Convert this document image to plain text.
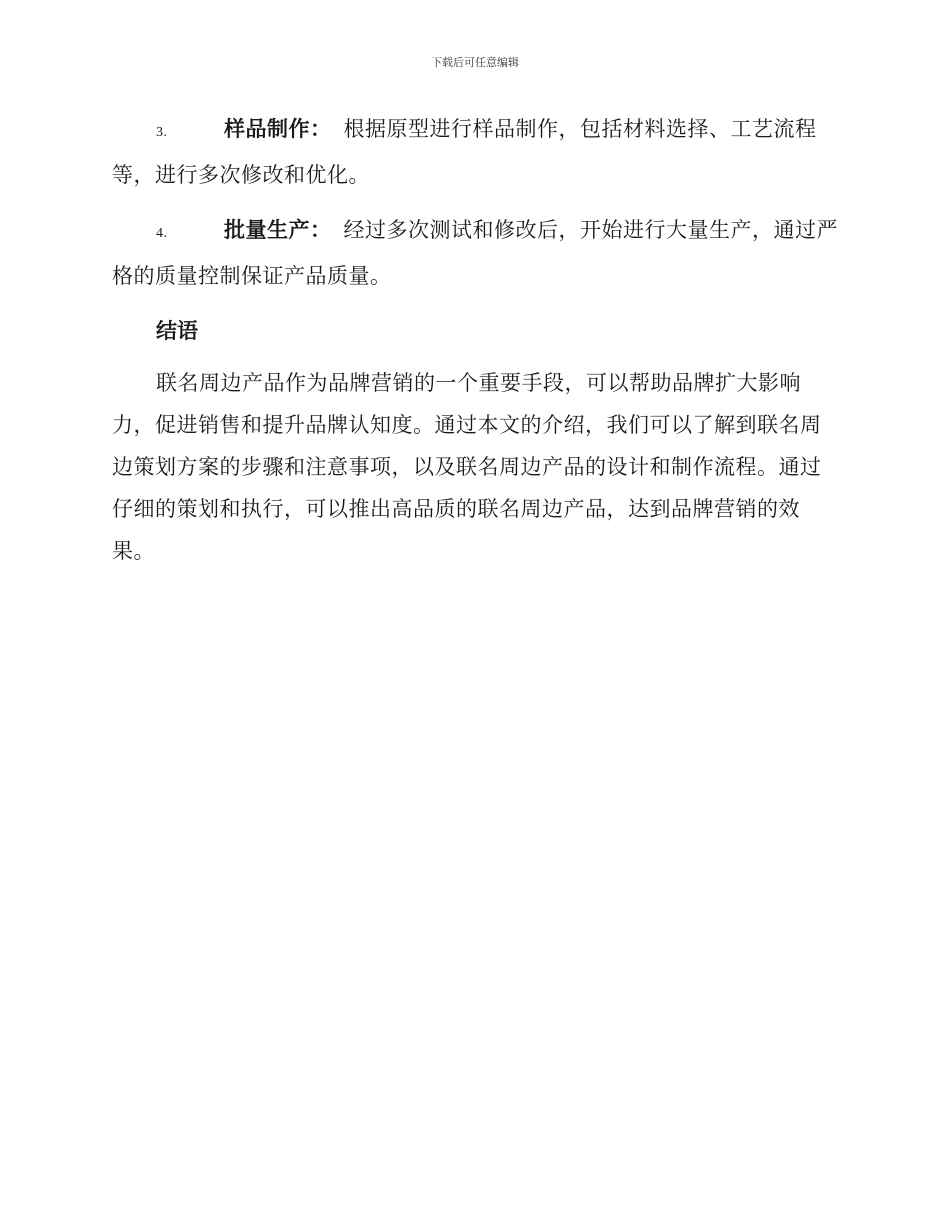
下载后可任意编辑
3.	样品制作： 根据原型进行样品制作，包括材料选择、工艺流程
等，进行多次修改和优化。
4.	批量生产： 经过多次测试和修改后，开始进行大量生产，通过严
格的质量控制保证产品质量。
结语
联名周边产品作为品牌营销的一个重要手段，可以帮助品牌扩大影响力，促进销售和提升品牌认知度。通过本文的介绍，我们可以了解到联名周边策划方案的步骤和注意事项，以及联名周边产品的设计和制作流程。通过仔细的策划和执行，可以推出高品质的联名周边产品，达到品牌营销的效果。
